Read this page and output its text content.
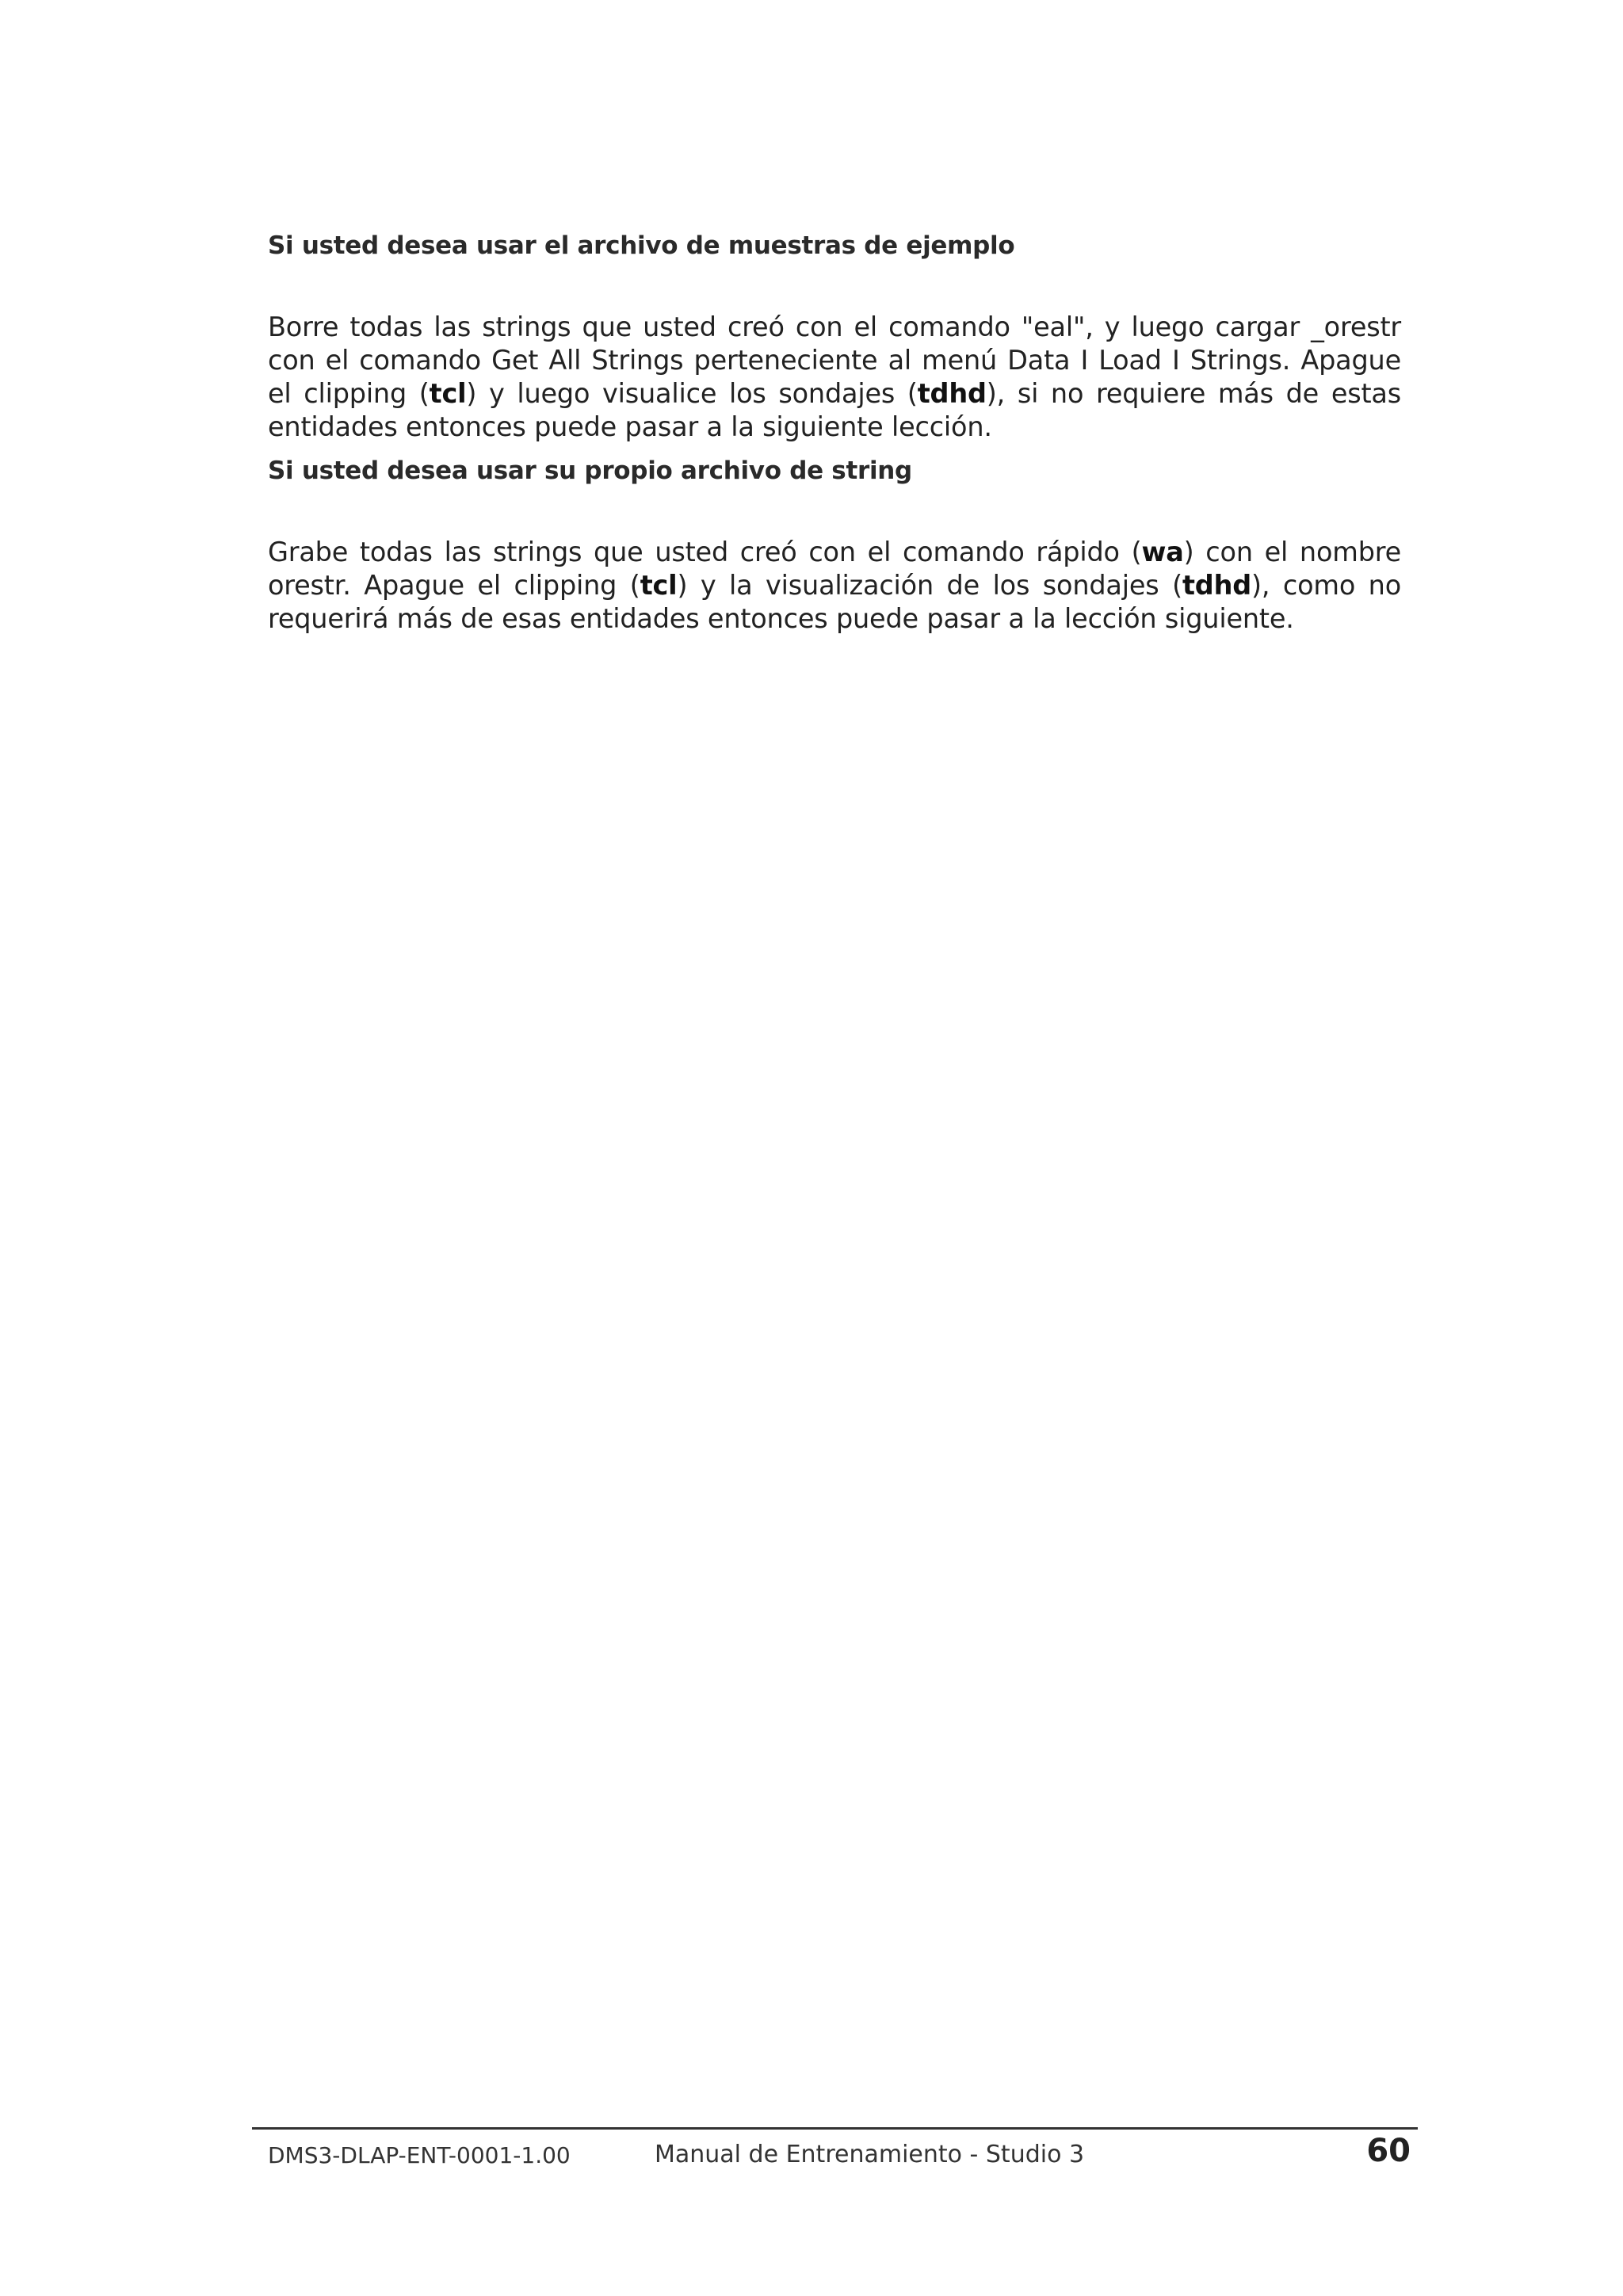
Si usted desea usar el archivo de muestras de ejemplo

Borre todas las strings que usted creó con el comando "eal", y luego cargar _orestr con el comando Get All Strings perteneciente al menú Data I Load I Strings. Apague el clipping (tcl) y luego visualice los sondajes (tdhd), si no requiere más de estas entidades entonces puede pasar a la siguiente lección.

Si usted desea usar su propio archivo de string

Grabe todas las strings que usted creó con el comando rápido (wa) con el nombre orestr. Apague el clipping (tcl) y la visualización de los sondajes (tdhd), como no requerirá más de esas entidades entonces puede pasar a la lección siguiente.

DMS3-DLAP-ENT-0001-1.00	Manual de Entrenamiento - Studio 3	60
